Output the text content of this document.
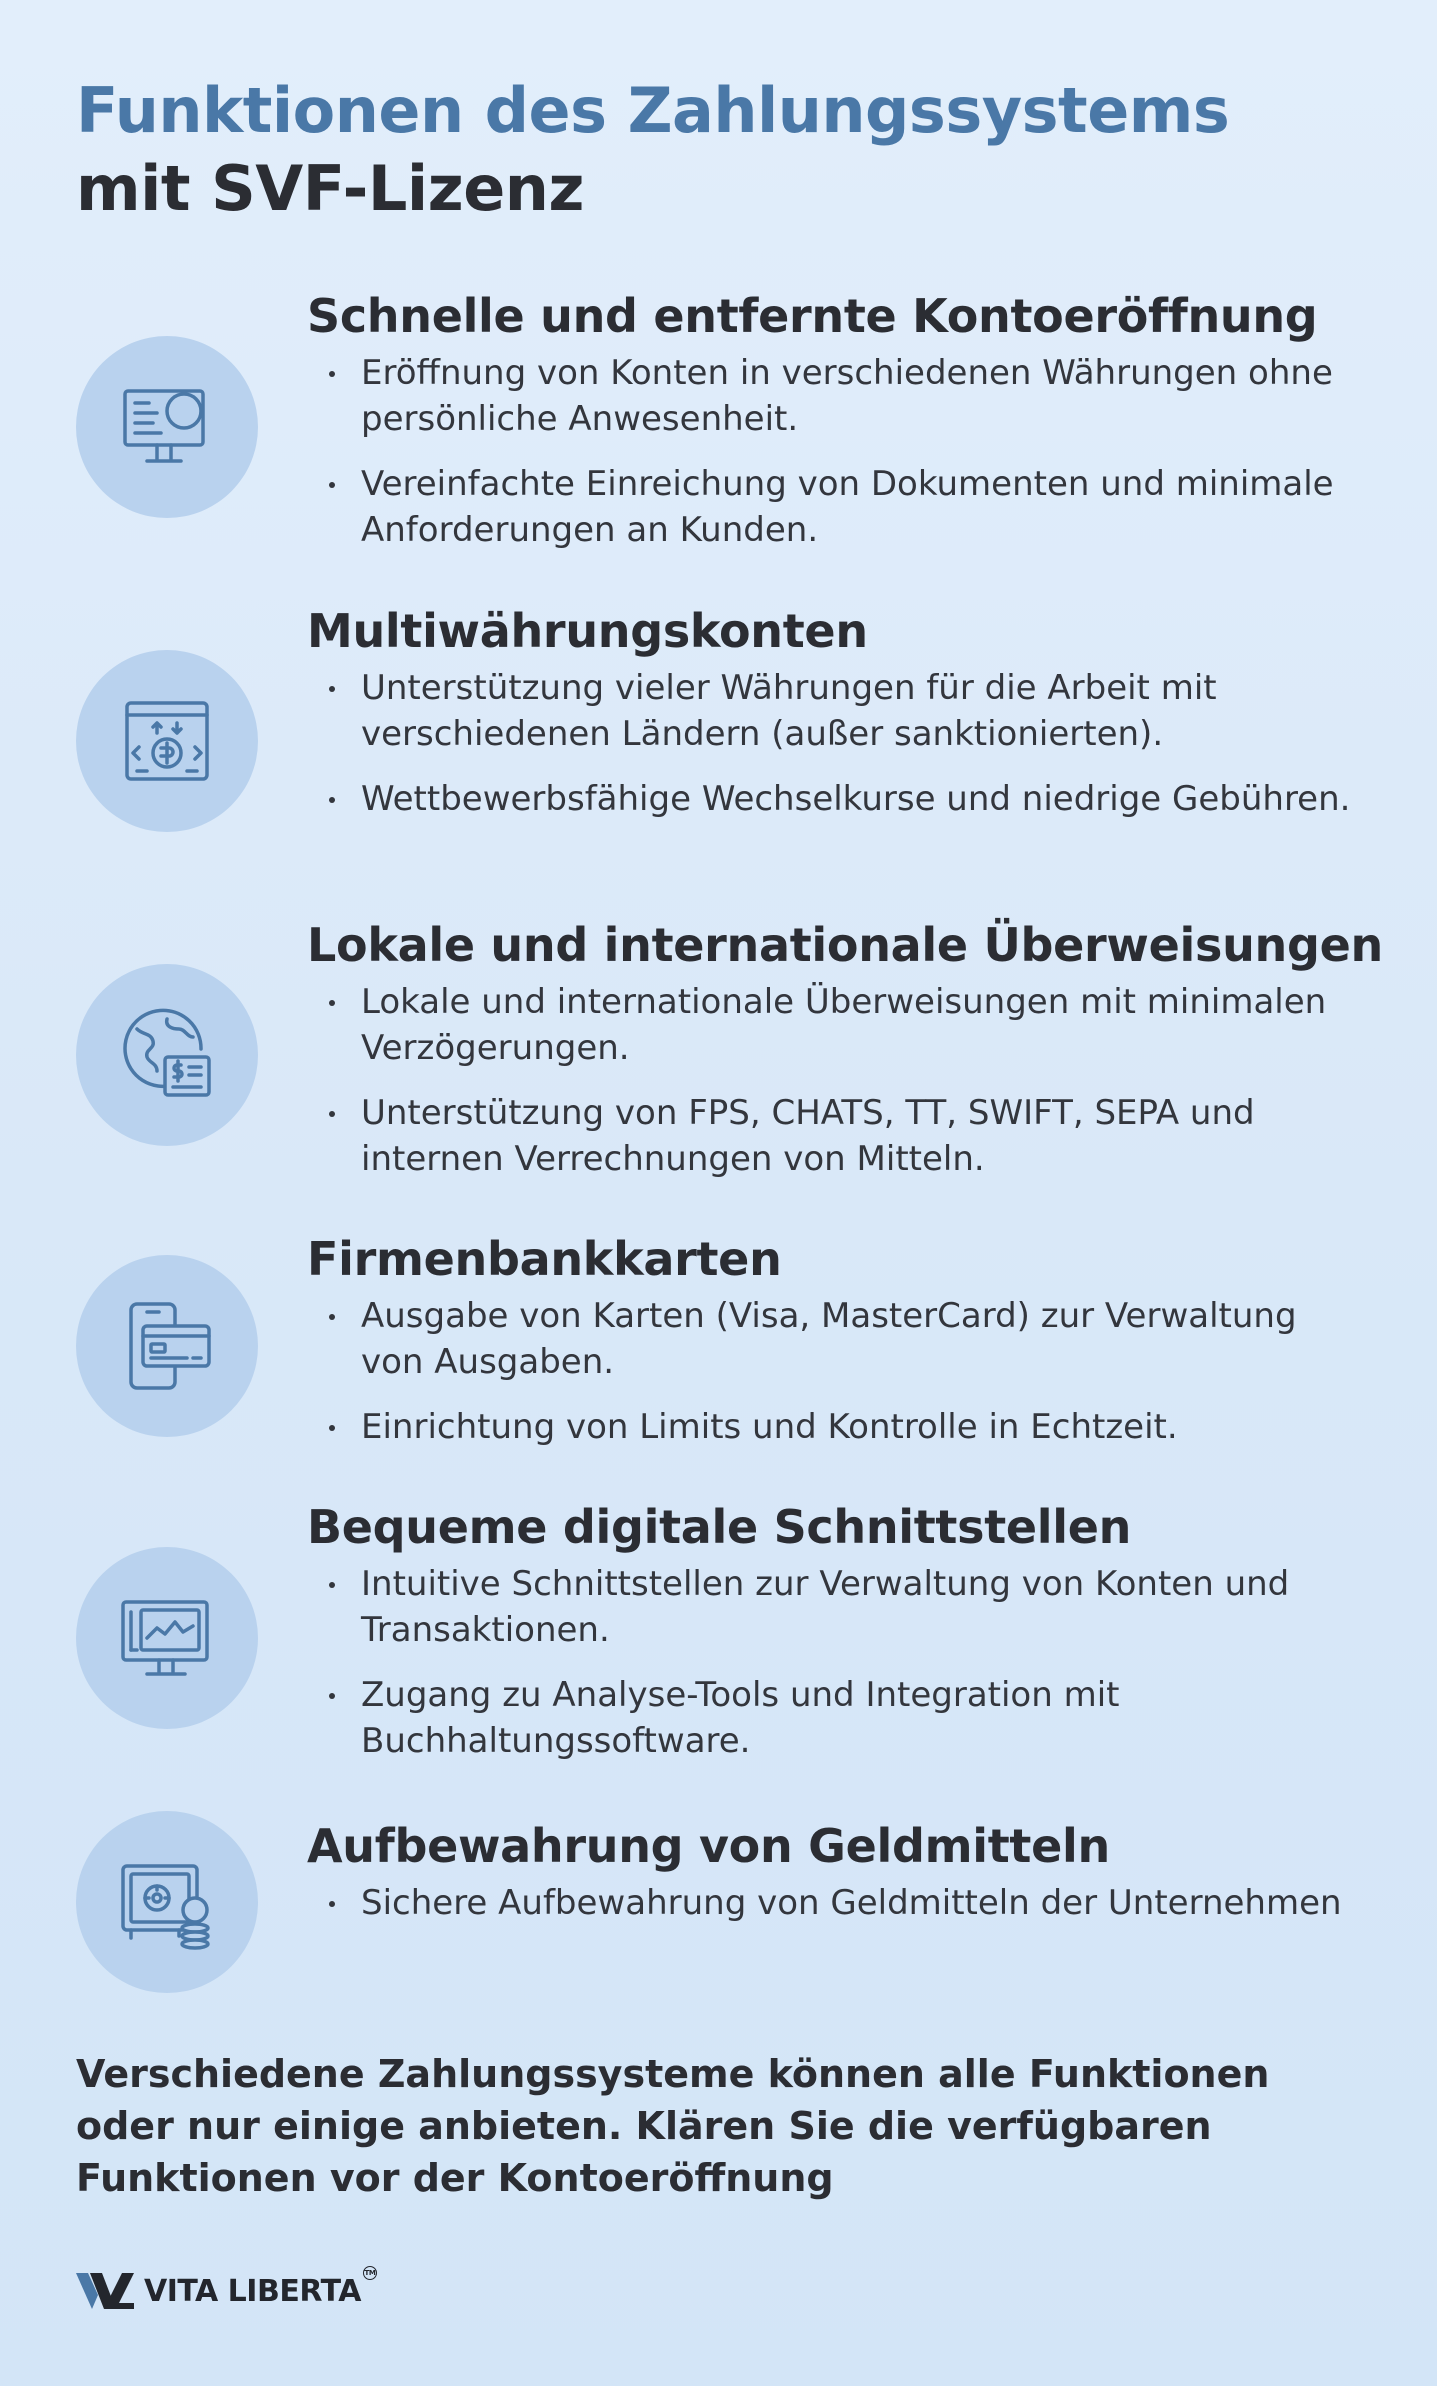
Funktionen des Zahlungssystems
mit SVF-Lizenz
Schnelle und entfernte Kontoeröffnung
Eröffnung von Konten in verschiedenen Währungen ohne persönliche Anwesenheit.
Vereinfachte Einreichung von Dokumenten und minimale Anforderungen an Kunden.
Multiwährungskonten
Unterstützung vieler Währungen für die Arbeit mit verschiedenen Ländern (außer sanktionierten).
Wettbewerbsfähige Wechselkurse und niedrige Gebühren.
Lokale und internationale Überweisungen
Lokale und internationale Überweisungen mit minimalen Verzögerungen.
Unterstützung von FPS, CHATS, TT, SWIFT, SEPA und internen Verrechnungen von Mitteln.
Firmenbankkarten
Ausgabe von Karten (Visa, MasterCard) zur Verwaltung von Ausgaben.
Einrichtung von Limits und Kontrolle in Echtzeit.
Bequeme digitale Schnittstellen
Intuitive Schnittstellen zur Verwaltung von Konten und Transaktionen.
Zugang zu Analyse-Tools und Integration mit Buchhaltungssoftware.
Aufbewahrung von Geldmitteln
Sichere Aufbewahrung von Geldmitteln der Unternehmen

Verschiedene Zahlungssysteme können alle Funktionen oder nur einige anbieten. Klären Sie die verfügbaren Funktionen vor der Kontoeröffnung

VITA LIBERTA
TM
